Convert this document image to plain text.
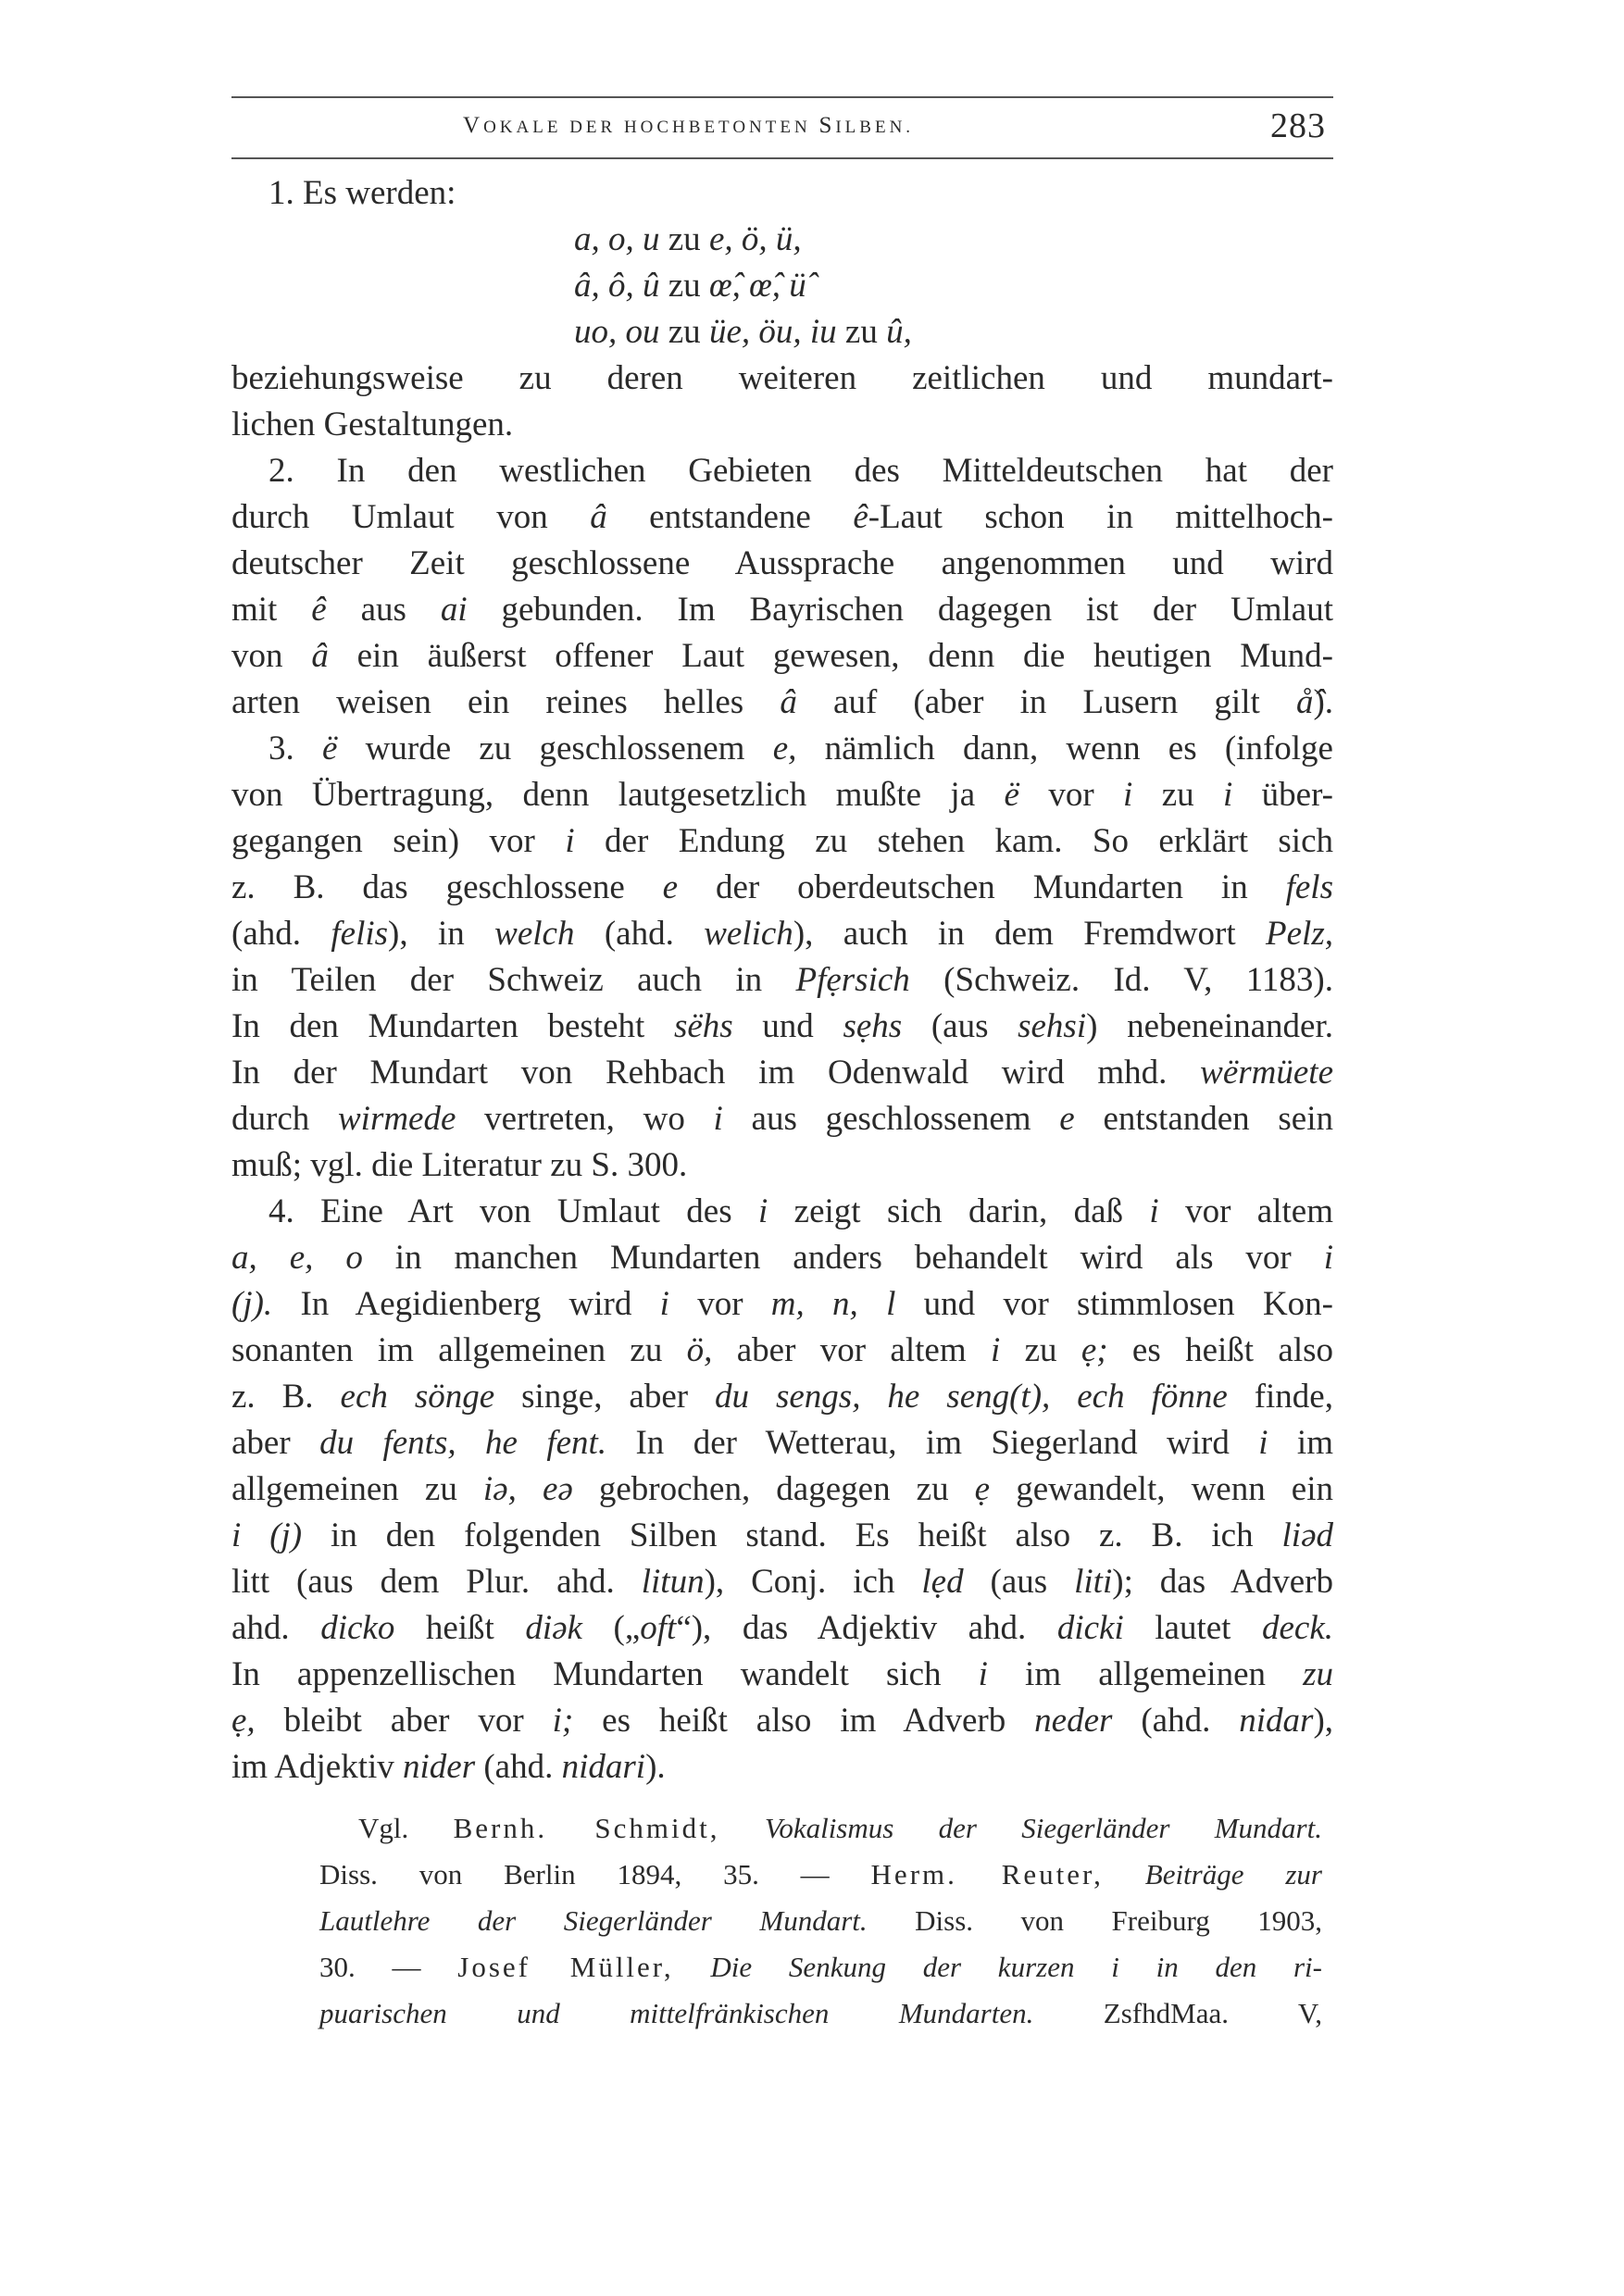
VOKALE DER HOCHBETONTEN SILBEN.	283
1. Es werden:
a, o, u zu e, ö, ü,
â, ô, û zu œ̂, œ̂, ü̂
uo, ou zu üe, öu, iu zu û,
beziehungsweise zu deren weiteren zeitlichen und mundart-
lichen Gestaltungen.
2. In den westlichen Gebieten des Mitteldeutschen hat der
durch Umlaut von â entstandene ê-Laut schon in mittelhoch-
deutscher Zeit geschlossene Aussprache angenommen und wird
mit ê aus ai gebunden. Im Bayrischen dagegen ist der Umlaut
von â ein äußerst offener Laut gewesen, denn die heutigen Mund-
arten weisen ein reines helles â auf (aber in Lusern gilt å̂).
3. ë wurde zu geschlossenem e, nämlich dann, wenn es (infolge
von Übertragung, denn lautgesetzlich mußte ja ë vor i zu i über-
gegangen sein) vor i der Endung zu stehen kam. So erklärt sich
z. B. das geschlossene e der oberdeutschen Mundarten in fels
(ahd. felis), in welch (ahd. welich), auch in dem Fremdwort Pelz,
in Teilen der Schweiz auch in Pfẹrsich (Schweiz. Id. V, 1183).
In den Mundarten besteht sëhs und sẹhs (aus sehsi) nebeneinander.
In der Mundart von Rehbach im Odenwald wird mhd. wërmüete
durch wirmede vertreten, wo i aus geschlossenem e entstanden sein
muß; vgl. die Literatur zu S. 300.
4. Eine Art von Umlaut des i zeigt sich darin, daß i vor altem
a, e, o in manchen Mundarten anders behandelt wird als vor i
(j). In Aegidienberg wird i vor m, n, l und vor stimmlosen Kon-
sonanten im allgemeinen zu ö, aber vor altem i zu ẹ; es heißt also
z. B. ech sönge singe, aber du sengs, he seng(t), ech fönne finde,
aber du fents, he fent. In der Wetterau, im Siegerland wird i im
allgemeinen zu iə, eə gebrochen, dagegen zu ẹ gewandelt, wenn ein
i (j) in den folgenden Silben stand. Es heißt also z. B. ich liəd
litt (aus dem Plur. ahd. litun), Conj. ich lẹd (aus liti); das Adverb
ahd. dicko heißt diək („oft“), das Adjektiv ahd. dicki lautet deck.
In appenzellischen Mundarten wandelt sich i im allgemeinen zu
ẹ, bleibt aber vor i; es heißt also im Adverb neder (ahd. nidar),
im Adjektiv nider (ahd. nidari).
Vgl. Bernh. Schmidt, Vokalismus der Siegerländer Mundart.
Diss. von Berlin 1894, 35. — Herm. Reuter, Beiträge zur
Lautlehre der Siegerländer Mundart. Diss. von Freiburg 1903,
30. — Josef Müller, Die Senkung der kurzen i in den ri-
puarischen und mittelfränkischen Mundarten. ZsfhdMaa. V,
